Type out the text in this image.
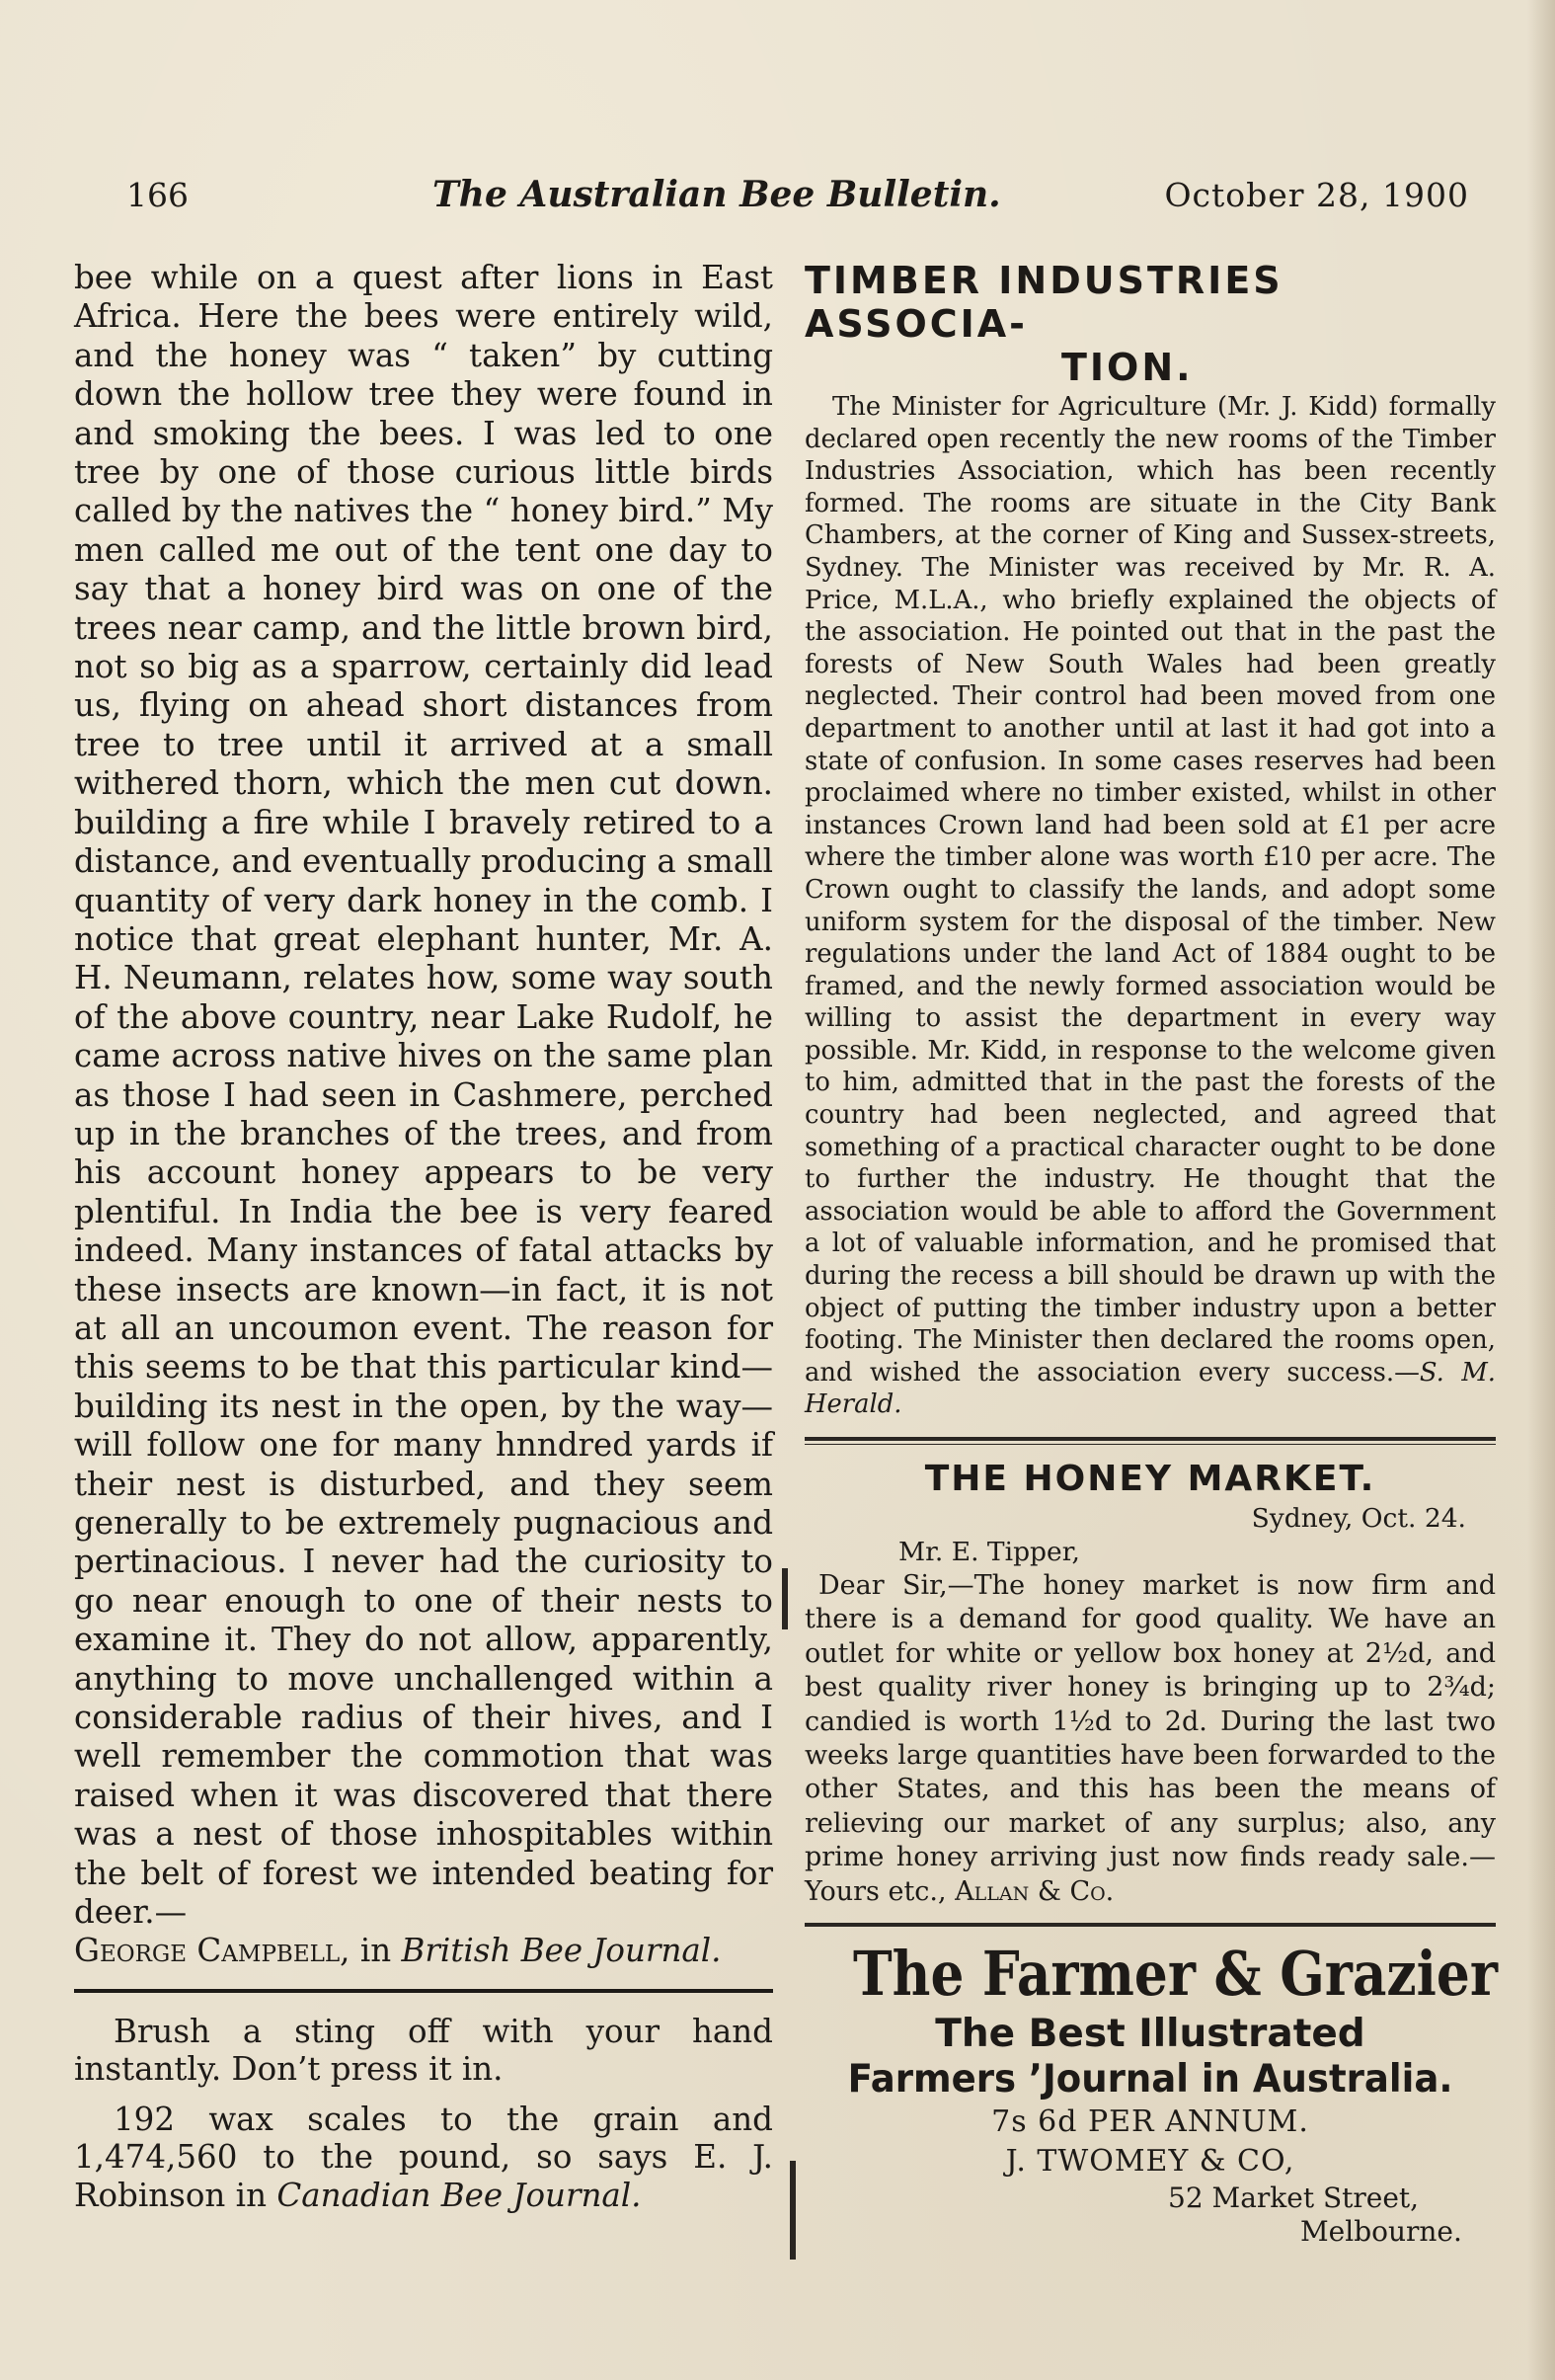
166	The Australian Bee Bulletin.	October 28, 1900

bee while on a quest after lions in East Africa. Here the bees were entirely wild, and the honey was “ taken” by cutting down the hollow tree they were found in and smoking the bees. I was led to one tree by one of those curious little birds called by the natives the “ honey bird.” My men called me out of the tent one day to say that a honey bird was on one of the trees near camp, and the little brown bird, not so big as a sparrow, certainly did lead us, flying on ahead short distances from tree to tree until it arrived at a small withered thorn, which the men cut down. building a fire while I bravely retired to a distance, and eventually producing a small quantity of very dark honey in the comb. I notice that great elephant hunter, Mr. A. H. Neumann, relates how, some way south of the above country, near Lake Rudolf, he came across native hives on the same plan as those I had seen in Cashmere, perched up in the branches of the trees, and from his account honey appears to be very plentiful. In India the bee is very feared indeed. Many instances of fatal attacks by these insects are known—in fact, it is not at all an uncoumon event. The reason for this seems to be that this particular kind—building its nest in the open, by the way—will follow one for many hnndred yards if their nest is disturbed, and they seem generally to be extremely pugnacious and pertinacious. I never had the curiosity to go near enough to one of their nests to examine it. They do not allow, apparently, anything to move unchallenged within a considerable radius of their hives, and I well remember the commotion that was raised when it was discovered that there was a nest of those inhospitables within the belt of forest we intended beating for deer.—
George Campbell, in British Bee Journal.

Brush a sting off with your hand instantly. Don’t press it in.

192 wax scales to the grain and 1,474,560 to the pound, so says E. J. Robinson in Canadian Bee Journal.

TIMBER INDUSTRIES ASSOCIA-

TION.

The Minister for Agriculture (Mr. J. Kidd) formally declared open recently the new rooms of the Timber Industries Association, which has been recently formed. The rooms are situate in the City Bank Chambers, at the corner of King and Sussex-streets, Sydney. The Minister was received by Mr. R. A. Price, M.L.A., who briefly explained the objects of the association. He pointed out that in the past the forests of New South Wales had been greatly neglected. Their control had been moved from one department to another until at last it had got into a state of confusion. In some cases reserves had been proclaimed where no timber existed, whilst in other instances Crown land had been sold at £1 per acre where the timber alone was worth £10 per acre. The Crown ought to classify the lands, and adopt some uniform system for the disposal of the timber. New regulations under the land Act of 1884 ought to be framed, and the newly formed association would be willing to assist the department in every way possible. Mr. Kidd, in response to the welcome given to him, admitted that in the past the forests of the country had been neglected, and agreed that something of a practical character ought to be done to further the industry. He thought that the association would be able to afford the Government a lot of valuable information, and he promised that during the recess a bill should be drawn up with the object of putting the timber industry upon a better footing. The Minister then declared the rooms open, and wished the association every success.—S. M. Herald.

THE HONEY MARKET.

Sydney, Oct. 24.
Mr. E. Tipper,

Dear Sir,—The honey market is now firm and there is a demand for good quality. We have an outlet for white or yellow box honey at 2½d, and best quality river honey is bringing up to 2¾d; candied is worth 1½d to 2d. During the last two weeks large quantities have been forwarded to the other States, and this has been the means of relieving our market of any surplus; also, any prime honey arriving just now finds ready sale.—Yours etc., Allan & Co.

The Farmer & Grazier

The Best Illustrated

Farmers ’Journal in Australia.

7s 6d PER ANNUM.

J. TWOMEY & CO,

52 Market Street,

Melbourne.
